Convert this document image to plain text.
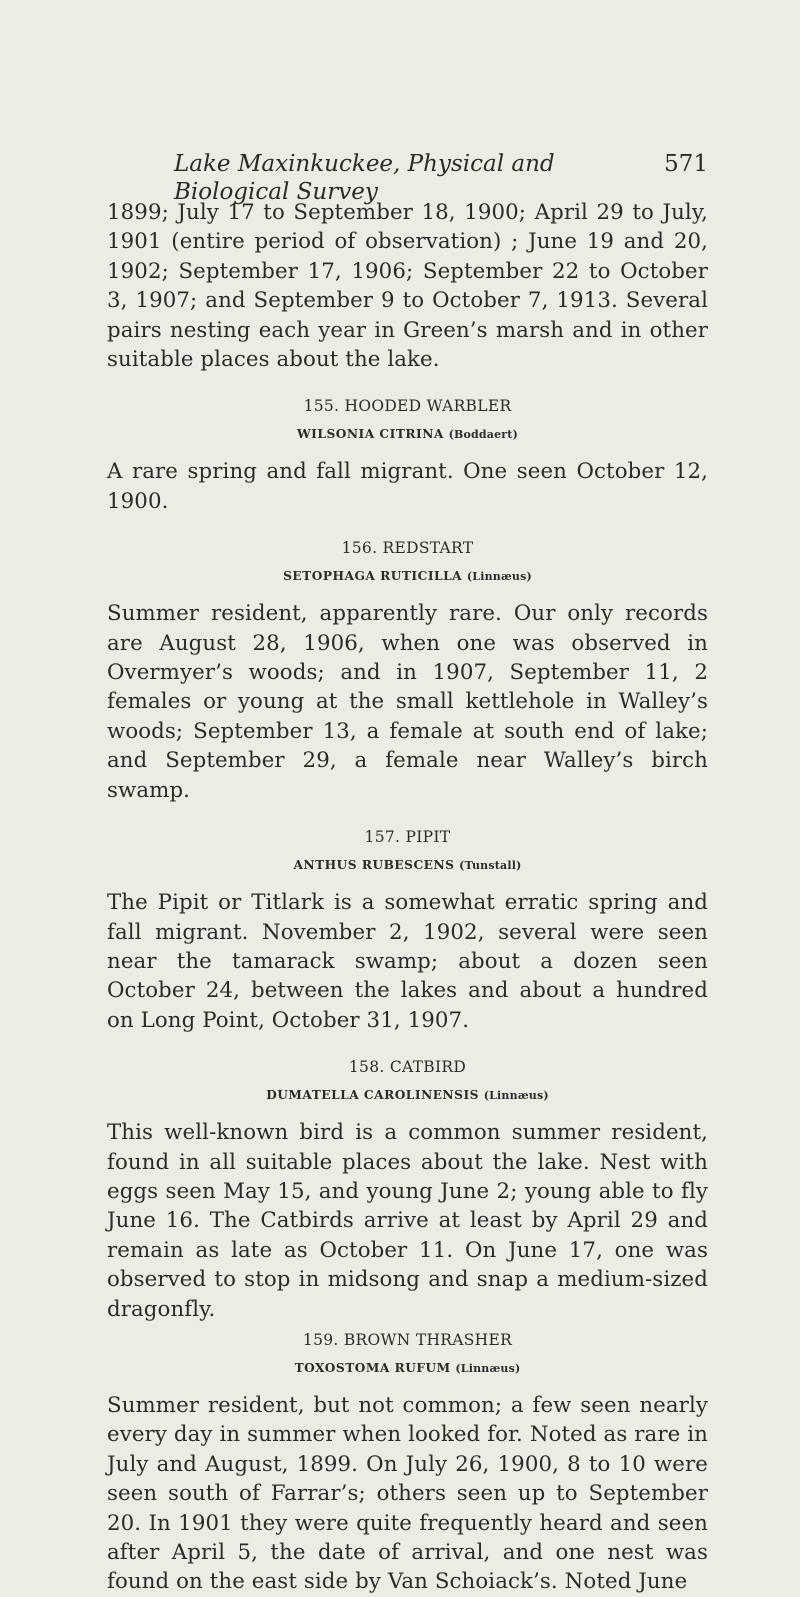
Lake Maxinkuckee, Physical and Biological Survey
571

1899; July 17 to September 18, 1900; April 29 to July, 1901 (entire period of observation) ; June 19 and 20, 1902; September 17, 1906; September 22 to October 3, 1907; and September 9 to October 7, 1913. Several pairs nesting each year in Green’s marsh and in other suitable places about the lake.

155. HOODED WARBLER
WILSONIA CITRINA (Boddaert)

A rare spring and fall migrant. One seen October 12, 1900.

156. REDSTART
SETOPHAGA RUTICILLA (Linnæus)

Summer resident, apparently rare. Our only records are August 28, 1906, when one was observed in Overmyer’s woods; and in 1907, September 11, 2 females or young at the small kettlehole in Walley’s woods; September 13, a female at south end of lake; and September 29, a female near Walley’s birch swamp.

157. PIPIT
ANTHUS RUBESCENS (Tunstall)

The Pipit or Titlark is a somewhat erratic spring and fall migrant. November 2, 1902, several were seen near the tamarack swamp; about a dozen seen October 24, between the lakes and about a hundred on Long Point, October 31, 1907.

158. CATBIRD
DUMATELLA CAROLINENSIS (Linnæus)

This well-known bird is a common summer resident, found in all suitable places about the lake. Nest with eggs seen May 15, and young June 2; young able to fly June 16. The Catbirds arrive at least by April 29 and remain as late as October 11. On June 17, one was observed to stop in midsong and snap a medium-sized dragonfly.

159. BROWN THRASHER
TOXOSTOMA RUFUM (Linnæus)

Summer resident, but not common; a few seen nearly every day in summer when looked for. Noted as rare in July and August, 1899. On July 26, 1900, 8 to 10 were seen south of Farrar’s; others seen up to September 20. In 1901 they were quite frequently heard and seen after April 5, the date of arrival, and one nest was found on the east side by Van Schoiack’s. Noted June
